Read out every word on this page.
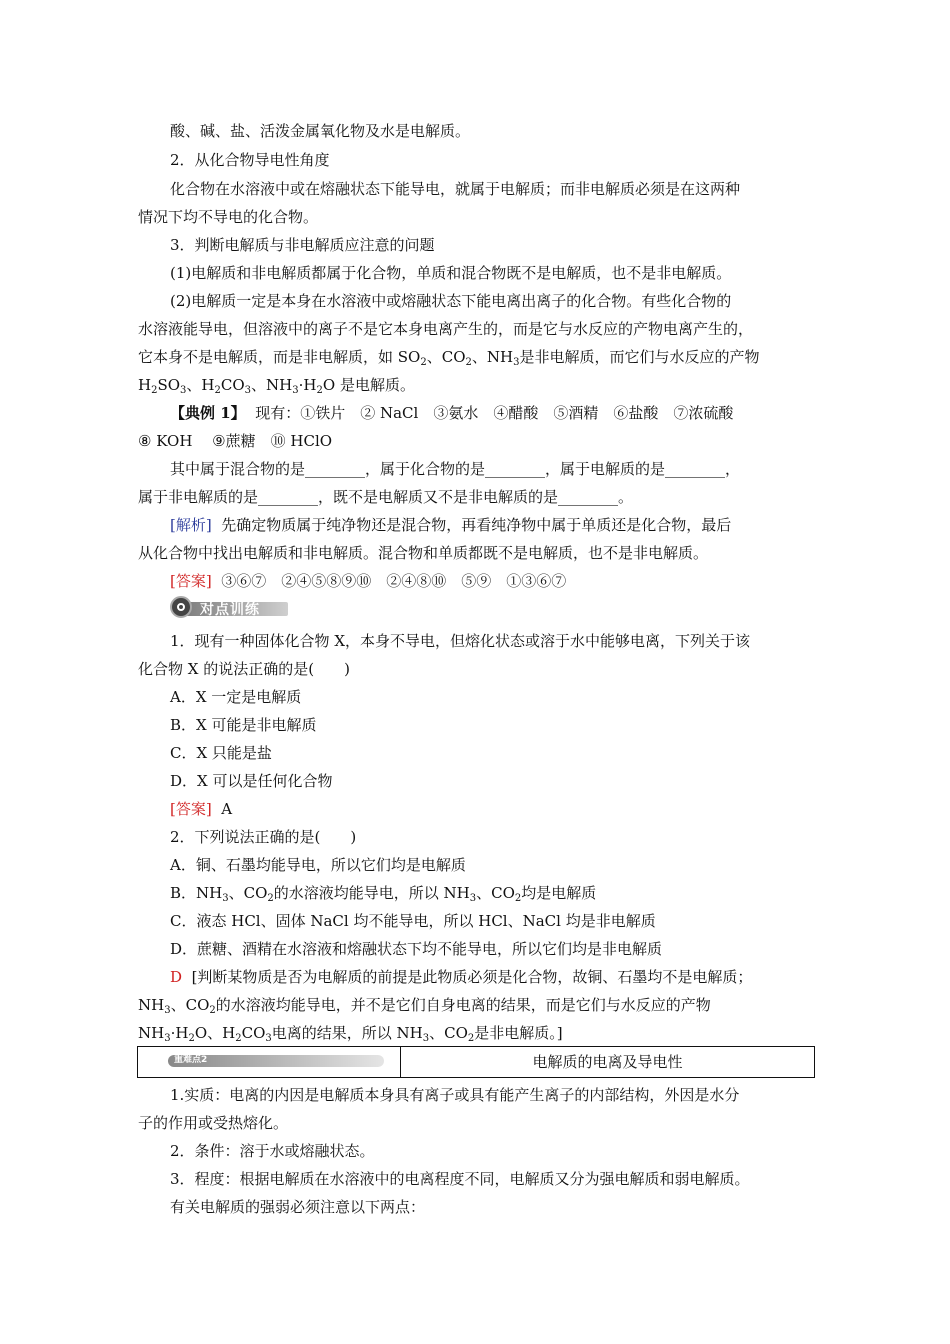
酸、碱、盐、活泼金属氧化物及水是电解质。
2．从化合物导电性角度
化合物在水溶液中或在熔融状态下能导电，就属于电解质；而非电解质必须是在这两种
情况下均不导电的化合物。
3．判断电解质与非电解质应注意的问题
(1)电解质和非电解质都属于化合物，单质和混合物既不是电解质，也不是非电解质。
(2)电解质一定是本身在水溶液中或熔融状态下能电离出离子的化合物。有些化合物的
水溶液能导电，但溶液中的离子不是它本身电离产生的，而是它与水反应的产物电离产生的，
它本身不是电解质，而是非电解质，如 $SO_2$、$CO_2$、$NH_3$是非电解质，而它们与水反应的产物
$H_2SO_3$、$H_2CO_3$、$NH_3\cdot H_2O$ 是电解质。
【典例 1】 现有：①铁片　② NaCl　③氨水　④醋酸　⑤酒精　⑥盐酸　⑦浓硫酸
⑧ KOH　 ⑨蔗糖　⑩ HClO
其中属于混合物的是________，属于化合物的是________，属于电解质的是________，
属于非电解质的是________，既不是电解质又不是非电解质的是________。
[解析] 先确定物质属于纯净物还是混合物，再看纯净物中属于单质还是化合物，最后
从化合物中找出电解质和非电解质。混合物和单质都既不是电解质，也不是非电解质。
[答案] ③⑥⑦　②④⑤⑧⑨⑩　②④⑧⑩　⑤⑨　①③⑥⑦
对点训练
1．现有一种固体化合物 X，本身不导电，但熔化状态或溶于水中能够电离，下列关于该
化合物 X 的说法正确的是(　　)
A．X 一定是电解质
B．X 可能是非电解质
C．X 只能是盐
D．X 可以是任何化合物
[答案] A
2．下列说法正确的是(　　)
A．铜、石墨均能导电，所以它们均是电解质
B．$NH_3$、$CO_2$的水溶液均能导电，所以 $NH_3$、$CO_2$均是电解质
C．液态 HCl、固体 NaCl 均不能导电，所以 HCl、NaCl 均是非电解质
D．蔗糖、酒精在水溶液和熔融状态下均不能导电，所以它们均是非电解质
D [判断某物质是否为电解质的前提是此物质必须是化合物，故铜、石墨均不是电解质；
$NH_3$、$CO_2$的水溶液均能导电，并不是它们自身电离的结果，而是它们与水反应的产物
$NH_3\cdot H_2O$、$H_2CO_3$电离的结果，所以 $NH_3$、$CO_2$是非电解质。]
重难点2	电解质的电离及导电性
1.实质：电离的内因是电解质本身具有离子或具有能产生离子的内部结构，外因是水分
子的作用或受热熔化。
2．条件：溶于水或熔融状态。
3．程度：根据电解质在水溶液中的电离程度不同，电解质又分为强电解质和弱电解质。
有关电解质的强弱必须注意以下两点：
